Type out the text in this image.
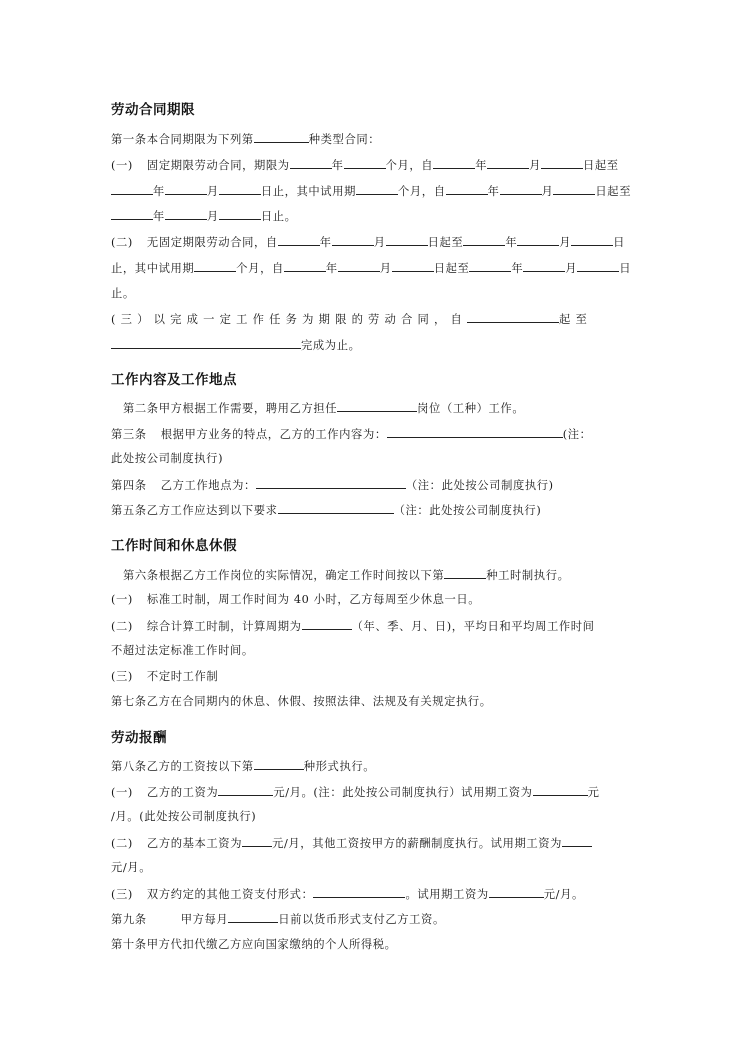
劳动合同期限
第一条本合同期限为下列第	种类型合同：
(一) 固定期限劳动合同，期限为	年	个月，自	年	月	日起至
年	月	日止，其中试用期	个月，自	年	月	日起至
年	月	日止。
(二) 无固定期限劳动合同，自	年	月	日起至	年	月	日
止，其中试用期	个月，自	年	月	日起至	年	月	日
止。
(三）以完成一定工作任务为期限的劳动合同，自	起至
完成为止。
工作内容及工作地点
第二条甲方根据工作需要，聘用乙方担任	岗位（工种）工作。
第三条 根据甲方业务的特点，乙方的工作内容为：	(注：
此处按公司制度执行)
第四条 乙方工作地点为：	（注：此处按公司制度执行)
第五条乙方工作应达到以下要求	（注：此处按公司制度执行)
工作时间和休息休假
第六条根据乙方工作岗位的实际情况，确定工作时间按以下第	种工时制执行。
(一) 标准工时制，周工作时间为 40 小时，乙方每周至少休息一日。
(二) 综合计算工时制，计算周期为	（年、季、月、日)，平均日和平均周工作时间
不超过法定标准工作时间。
(三) 不定时工作制
第七条乙方在合同期内的休息、休假、按照法律、法规及有关规定执行。
劳动报酬
第八条乙方的工资按以下第	种形式执行。
(一) 乙方的工资为	元/月。(注：此处按公司制度执行）试用期工资为	元
/月。(此处按公司制度执行)
(二) 乙方的基本工资为	元/月，其他工资按甲方的薪酬制度执行。试用期工资为
元/月。
(三) 双方约定的其他工资支付形式：	。试用期工资为	元/月。
第九条	甲方每月	日前以货币形式支付乙方工资。
第十条甲方代扣代缴乙方应向国家缴纳的个人所得税。
